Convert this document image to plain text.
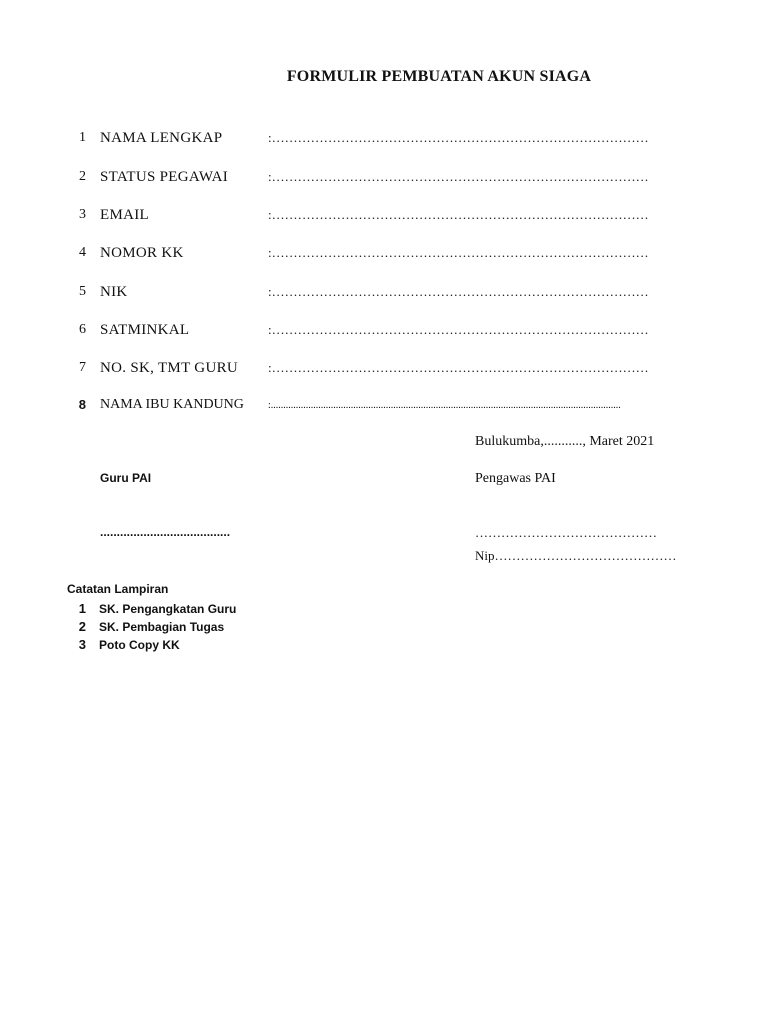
FORMULIR PEMBUATAN AKUN SIAGA
1 NAMA LENGKAP	:……………………………………………………………………………
2 STATUS PEGAWAI	:……………………………………………………………………………
3 EMAIL	:……………………………………………………………………………
4 NOMOR KK	:……………………………………………………………………………
5 NIK	:……………………………………………………………………………
6 SATMINKAL	:……………………………………………………………………………
7 NO. SK, TMT GURU :……………………………………………………………………………
8 NAMA IBU KANDUNG :............................................................................................................................................
Bulukumba,..........., Maret 2021
Guru PAI	Pengawas PAI
.......................................	……………………………………
Nip……………………………………
Catatan Lampiran
1 SK. Pengangkatan Guru
2 SK. Pembagian Tugas
3 Poto Copy KK
